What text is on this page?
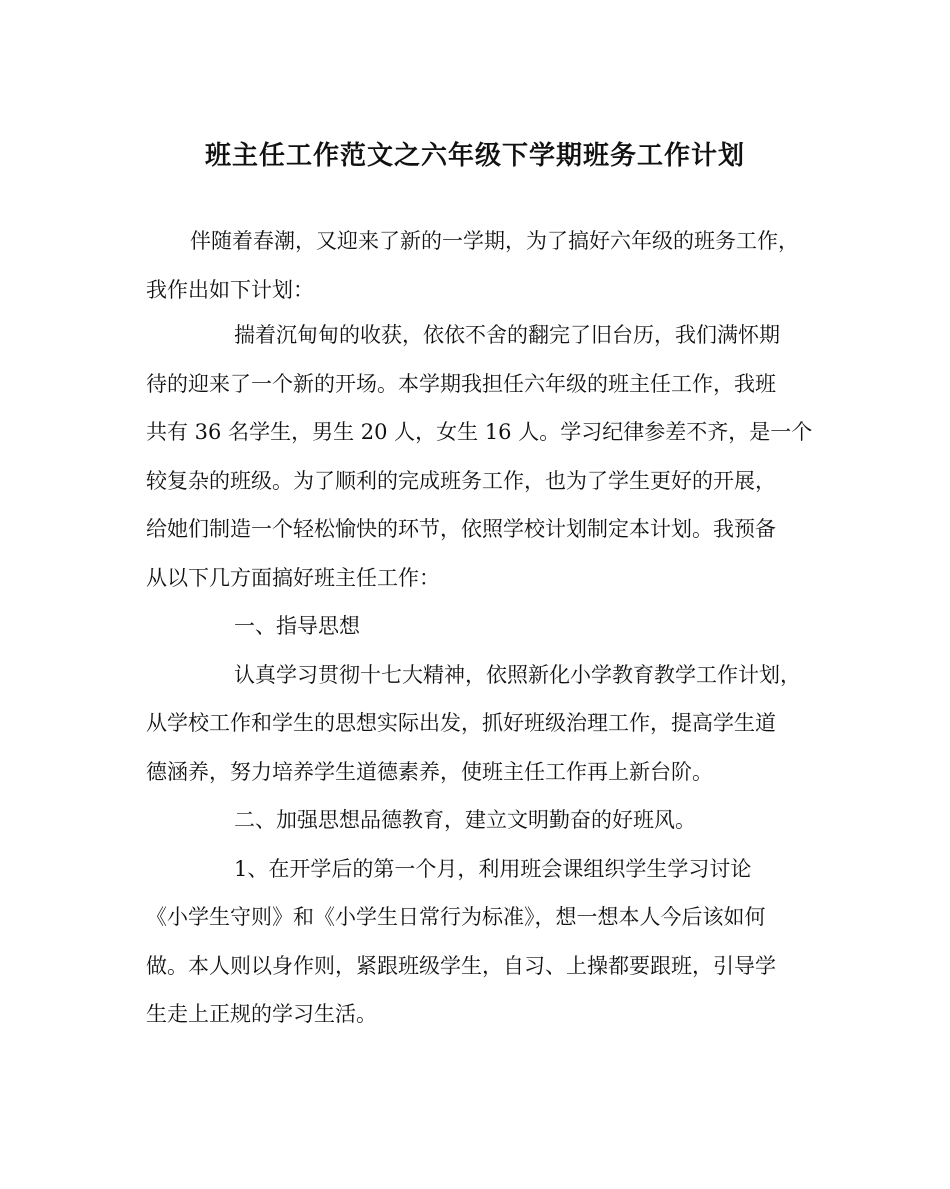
班主任工作范文之六年级下学期班务工作计划
伴随着春潮，又迎来了新的一学期，为了搞好六年级的班务工作，
我作出如下计划：
揣着沉甸甸的收获，依依不舍的翻完了旧台历，我们满怀期
待的迎来了一个新的开场。本学期我担任六年级的班主任工作，我班
共有 36 名学生，男生 20 人，女生 16 人。学习纪律参差不齐，是一个
较复杂的班级。为了顺利的完成班务工作，也为了学生更好的开展，
给她们制造一个轻松愉快的环节，依照学校计划制定本计划。我预备
从以下几方面搞好班主任工作：
一、指导思想
认真学习贯彻十七大精神，依照新化小学教育教学工作计划，
从学校工作和学生的思想实际出发，抓好班级治理工作，提高学生道
德涵养，努力培养学生道德素养，使班主任工作再上新台阶。
二、加强思想品德教育，建立文明勤奋的好班风。
1、在开学后的第一个月，利用班会课组织学生学习讨论
《小学生守则》和《小学生日常行为标准》，想一想本人今后该如何
做。本人则以身作则，紧跟班级学生，自习、上操都要跟班，引导学
生走上正规的学习生活。
